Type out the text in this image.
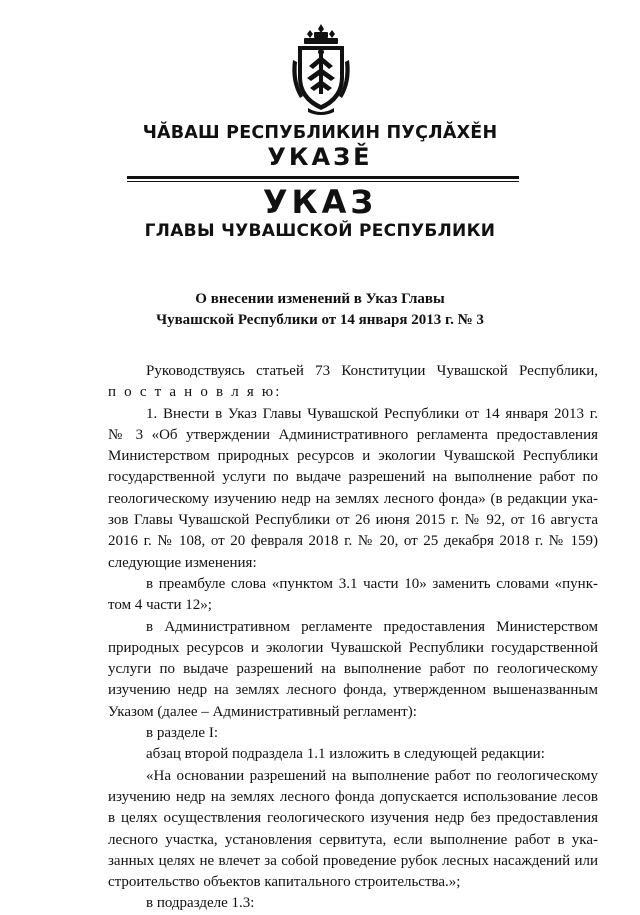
ЧĂВАШ РЕСПУБЛИКИН ПУÇЛĂХĚН
УКАЗĚ
УКАЗ
ГЛАВЫ ЧУВАШСКОЙ РЕСПУБЛИКИ
О внесении изменений в Указ Главы
Чувашской Республики от 14 января 2013 г. № 3
Руководствуясь статьей 73 Конституции Чувашской Республики,
п о с т а н о в л я ю:
1. Внести в Указ Главы Чувашской Республики от 14 января 2013 г.
№ 3 «Об утверждении Административного регламента предоставления
Министерством природных ресурсов и экологии Чувашской Республики
государственной услуги по выдаче разрешений на выполнение работ по
геологическому изучению недр на землях лесного фонда» (в редакции ука-
зов Главы Чувашской Республики от 26 июня 2015 г. № 92, от 16 августа
2016 г. № 108, от 20 февраля 2018 г. № 20, от 25 декабря 2018 г. № 159)
следующие изменения:
в преамбуле слова «пунктом 3.1 части 10» заменить словами «пунк-
том 4 части 12»;
в Административном регламенте предоставления Министерством
природных ресурсов и экологии Чувашской Республики государственной
услуги по выдаче разрешений на выполнение работ по геологическому
изучению недр на землях лесного фонда, утвержденном вышеназванным
Указом (далее – Административный регламент):
в разделе I:
абзац второй подраздела 1.1 изложить в следующей редакции:
«На основании разрешений на выполнение работ по геологическому
изучению недр на землях лесного фонда допускается использование лесов
в целях осуществления геологического изучения недр без предоставления
лесного участка, установления сервитута, если выполнение работ в ука-
занных целях не влечет за собой проведение рубок лесных насаждений или
строительство объектов капитального строительства.»;
в подразделе 1.3:
